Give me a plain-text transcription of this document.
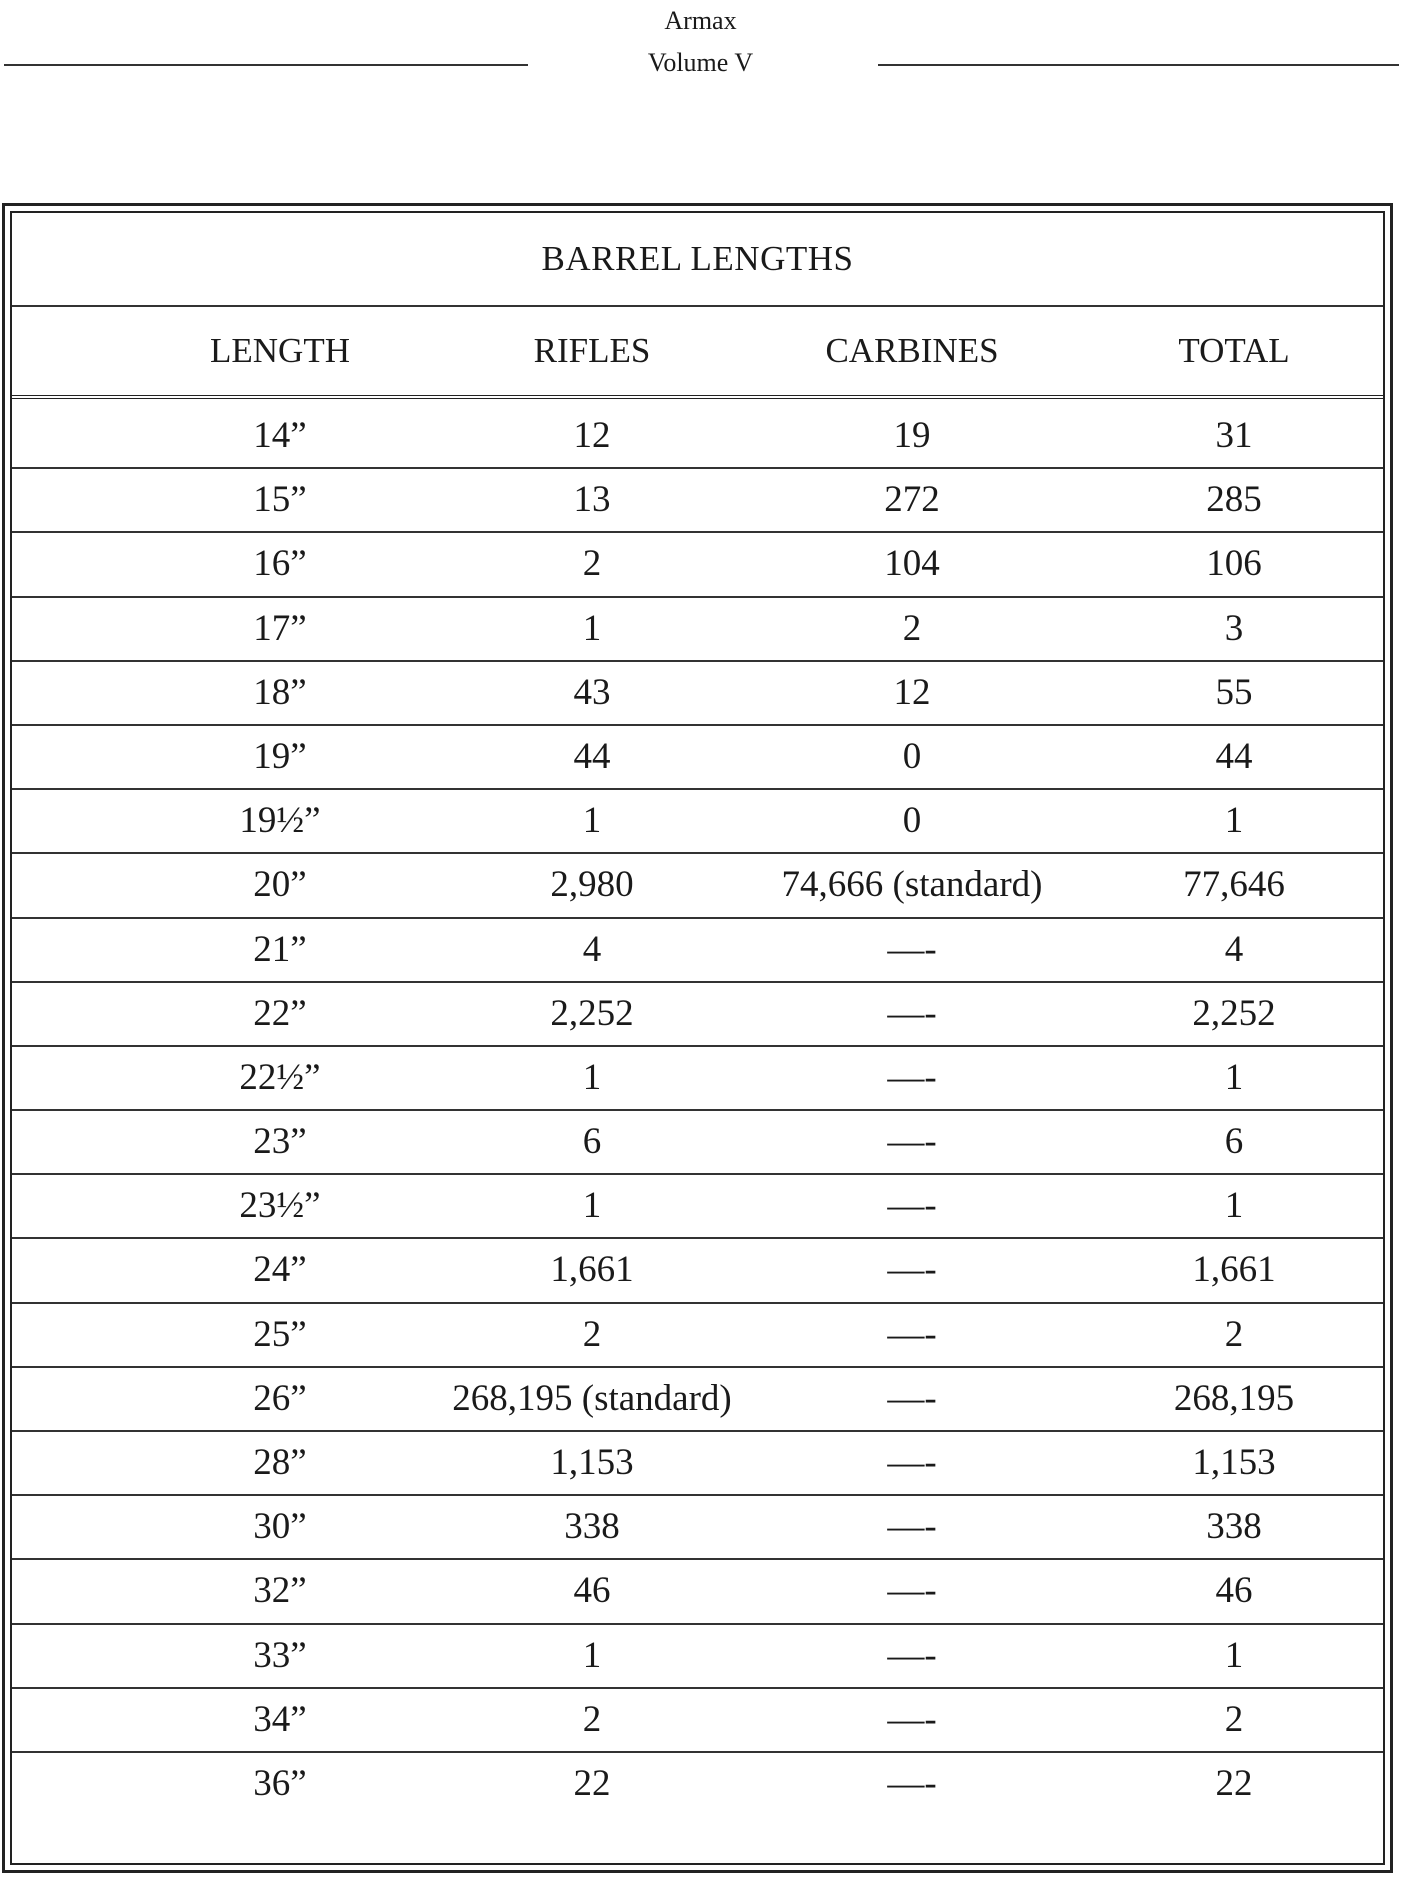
Armax
Volume V
BARREL LENGTHS
LENGTH	RIFLES	CARBINES	TOTAL
14”	12	19	31
15”	13	272	285
16”	2	104	106
17”	1	2	3
18”	43	12	55
19”	44	0	44
19½”	1	0	1
20”	2,980	74,666 (standard)	77,646
21”	4	—-	4
22”	2,252	—-	2,252
22½”	1	—-	1
23”	6	—-	6
23½”	1	—-	1
24”	1,661	—-	1,661
25”	2	—-	2
26”	268,195 (standard)	—-	268,195
28”	1,153	—-	1,153
30”	338	—-	338
32”	46	—-	46
33”	1	—-	1
34”	2	—-	2
36”	22	—-	22
